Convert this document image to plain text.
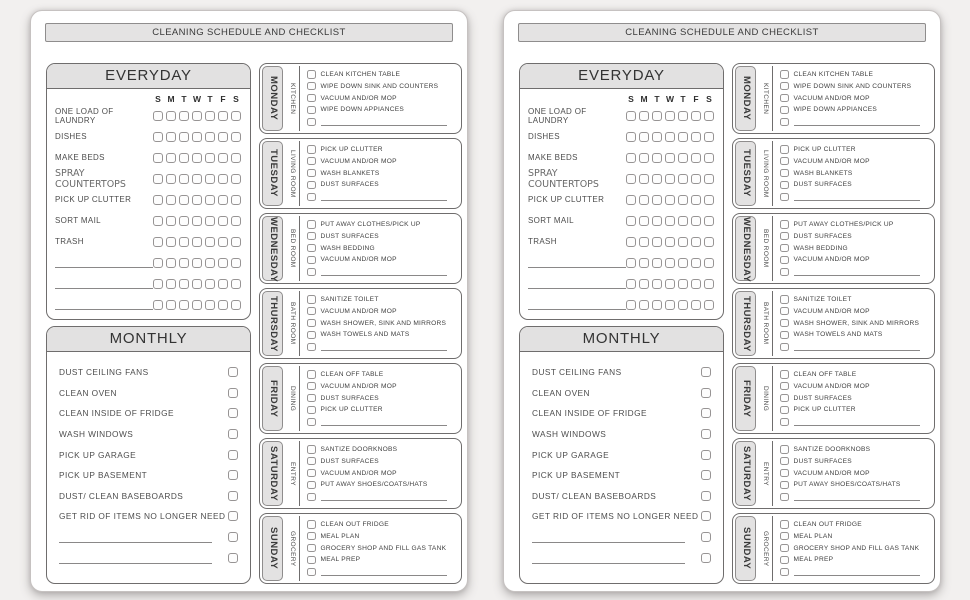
CLEANING SCHEDULE AND CHECKLIST
EVERYDAY
S M T W T F S
ONE LOAD OF LAUNDRY
DISHES
MAKE BEDS
SPRAY COUNTERTOPS
PICK UP CLUTTER
SORT MAIL
TRASH
MONTHLY
DUST CEILING FANS
CLEAN OVEN
CLEAN INSIDE OF FRIDGE
WASH WINDOWS
PICK UP GARAGE
PICK UP BASEMENT
DUST/ CLEAN BASEBOARDS
GET RID OF ITEMS NO LONGER NEED
MONDAY	KITCHEN
CLEAN KITCHEN TABLE
WIPE DOWN SINK AND COUNTERS
VACUUM AND/OR MOP
WIPE DOWN APPIANCES
TUESDAY	LIVING ROOM
PICK UP CLUTTER
VACUUM AND/OR MOP
WASH BLANKETS
DUST SURFACES
WEDNESDAY	BED ROOM
PUT AWAY CLOTHES/PICK UP
DUST SURFACES
WASH BEDDING
VACUUM AND/OR MOP
THURSDAY	BATH ROOM
SANITIZE TOILET
VACUUM AND/OR MOP
WASH SHOWER, SINK AND MIRRORS
WASH TOWELS AND MATS
FRIDAY	DINING
CLEAN OFF TABLE
VACUUM AND/OR MOP
DUST SURFACES
PICK UP CLUTTER
SATURDAY	ENTRY
SANTIZE DOORKNOBS
DUST SURFACES
VACUUM AND/OR MOP
PUT AWAY SHOES/COATS/HATS
SUNDAY	GROCERY
CLEAN OUT FRIDGE
MEAL PLAN
GROCERY SHOP AND FILL GAS TANK
MEAL PREP
CLEANING SCHEDULE AND CHECKLIST
EVERYDAY
S M T W T F S
ONE LOAD OF LAUNDRY
DISHES
MAKE BEDS
SPRAY COUNTERTOPS
PICK UP CLUTTER
SORT MAIL
TRASH
MONTHLY
DUST CEILING FANS
CLEAN OVEN
CLEAN INSIDE OF FRIDGE
WASH WINDOWS
PICK UP GARAGE
PICK UP BASEMENT
DUST/ CLEAN BASEBOARDS
GET RID OF ITEMS NO LONGER NEED
MONDAY	KITCHEN
CLEAN KITCHEN TABLE
WIPE DOWN SINK AND COUNTERS
VACUUM AND/OR MOP
WIPE DOWN APPIANCES
TUESDAY	LIVING ROOM
PICK UP CLUTTER
VACUUM AND/OR MOP
WASH BLANKETS
DUST SURFACES
WEDNESDAY	BED ROOM
PUT AWAY CLOTHES/PICK UP
DUST SURFACES
WASH BEDDING
VACUUM AND/OR MOP
THURSDAY	BATH ROOM
SANITIZE TOILET
VACUUM AND/OR MOP
WASH SHOWER, SINK AND MIRRORS
WASH TOWELS AND MATS
FRIDAY	DINING
CLEAN OFF TABLE
VACUUM AND/OR MOP
DUST SURFACES
PICK UP CLUTTER
SATURDAY	ENTRY
SANTIZE DOORKNOBS
DUST SURFACES
VACUUM AND/OR MOP
PUT AWAY SHOES/COATS/HATS
SUNDAY	GROCERY
CLEAN OUT FRIDGE
MEAL PLAN
GROCERY SHOP AND FILL GAS TANK
MEAL PREP
